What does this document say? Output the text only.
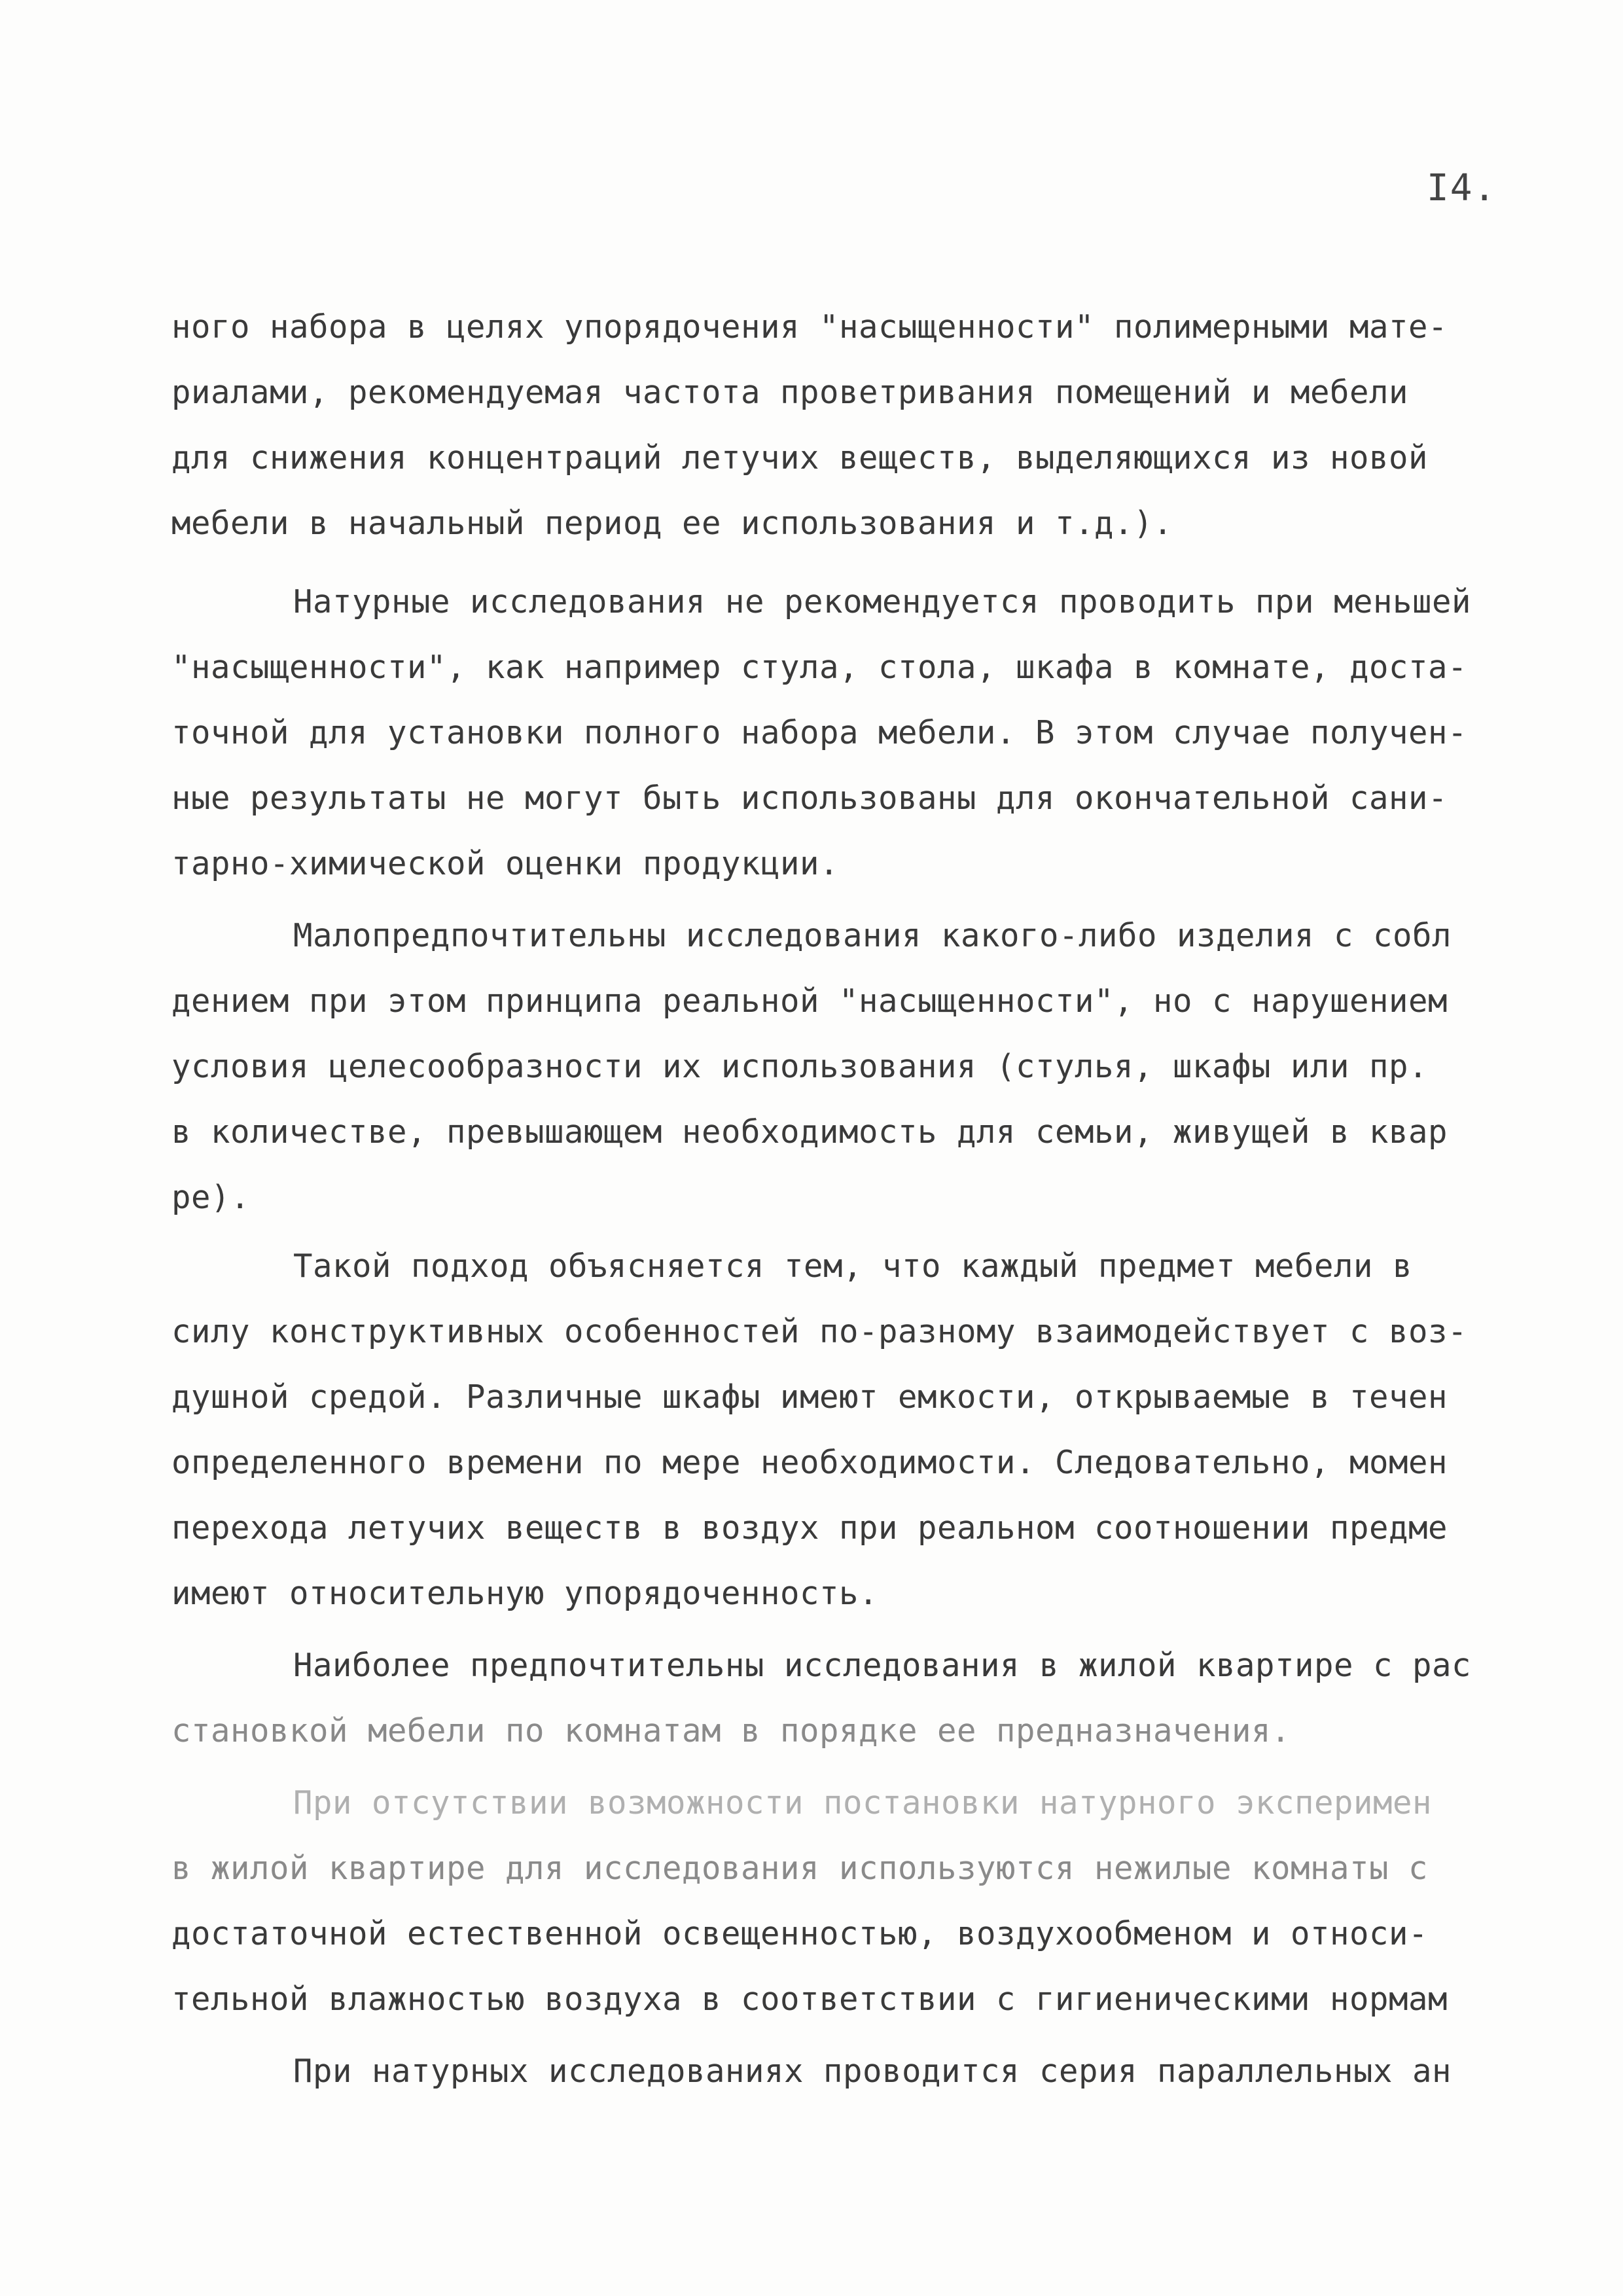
I4.
ного набора в целях упорядочения "насыщенности" полимерными мате-
риалами, рекомендуемая частота проветривания помещений и мебели
для снижения концентраций летучих веществ, выделяющихся из новой
мебели в начальный период ее использования и т.д.).
Натурные исследования не рекомендуется проводить при меньшей
"насыщенности", как например стула, стола, шкафа в комнате, доста-
точной для установки полного набора мебели. В этом случае получен-
ные результаты не могут быть использованы для окончательной сани-
тарно-химической оценки продукции.
Малопредпочтительны исследования какого-либо изделия с собл
дением при этом принципа реальной "насыщенности", но с нарушением
условия целесообразности их использования (стулья, шкафы или пр.
в количестве, превышающем необходимость для семьи, живущей в квар
ре).
Такой подход объясняется тем, что каждый предмет мебели в
силу конструктивных особенностей по-разному взаимодействует с воз-
душной средой. Различные шкафы имеют емкости, открываемые в течен
определенного времени по мере необходимости. Следовательно, момен
перехода летучих веществ в воздух при реальном соотношении предме
имеют относительную упорядоченность.
Наиболее предпочтительны исследования в жилой квартире с рас
становкой мебели по комнатам в порядке ее предназначения.
При отсутствии возможности постановки натурного эксперимен
в жилой квартире для исследования используются нежилые комнаты с
достаточной естественной освещенностью, воздухообменом и относи-
тельной влажностью воздуха в соответствии с гигиеническими нормам
При натурных исследованиях проводится серия параллельных ан
